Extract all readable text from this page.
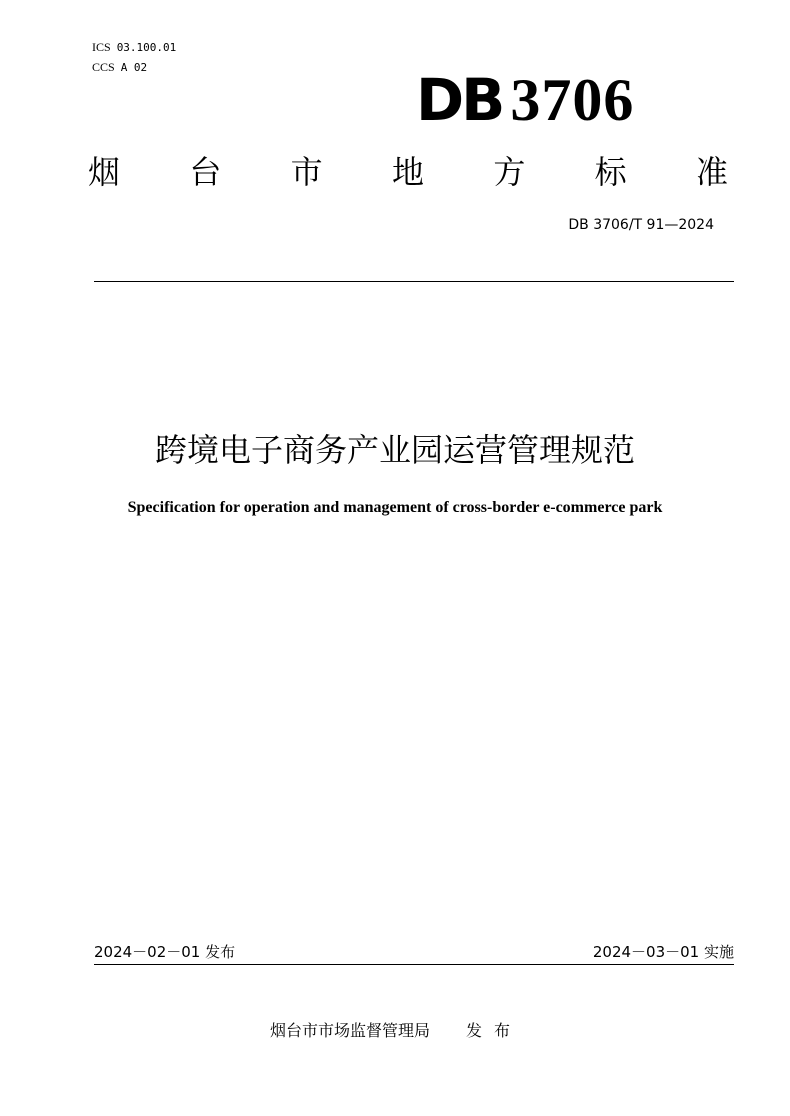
ICS 03.100.01
CCS A 02	DB 3706
烟 台 市 地 方 标 准
DB 3706/T 91—2024
跨境电子商务产业园运营管理规范
Specification for operation and management of cross-border e-commerce park
2024－02－01 发布	2024－03－01 实施
烟台市市场监督管理局 发布
